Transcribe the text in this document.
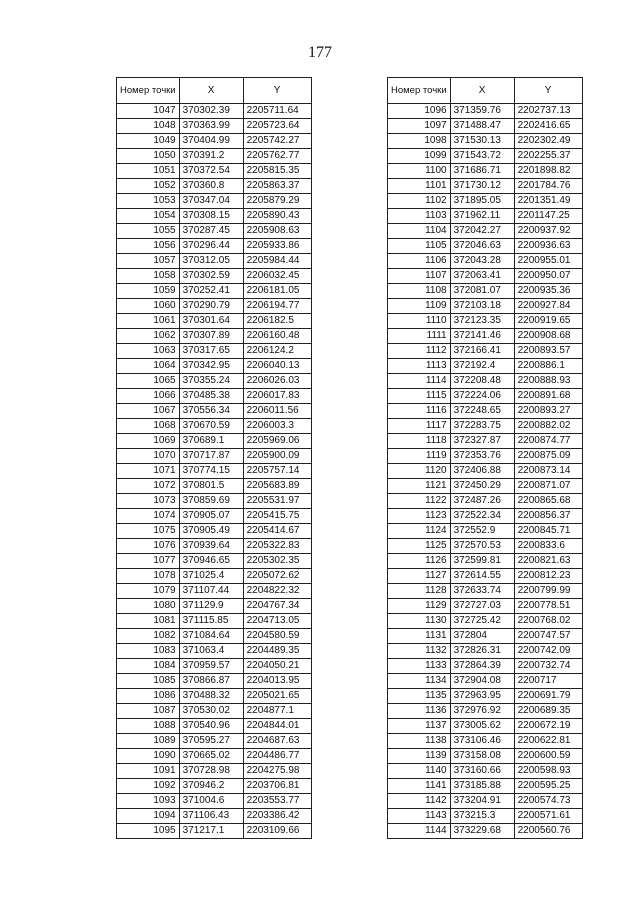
177
Номер точки	X	Y
1047	370302.39	2205711.64
1048	370363.99	2205723.64
1049	370404.99	2205742.27
1050	370391.2	2205762.77
1051	370372.54	2205815.35
1052	370360.8	2205863.37
1053	370347.04	2205879.29
1054	370308.15	2205890.43
1055	370287.45	2205908.63
1056	370296.44	2205933.86
1057	370312.05	2205984.44
1058	370302.59	2206032.45
1059	370252.41	2206181.05
1060	370290.79	2206194.77
1061	370301.64	2206182.5
1062	370307.89	2206160.48
1063	370317.65	2206124.2
1064	370342.95	2206040.13
1065	370355.24	2206026.03
1066	370485.38	2206017.83
1067	370556.34	2206011.56
1068	370670.59	2206003.3
1069	370689.1	2205969.06
1070	370717.87	2205900.09
1071	370774.15	2205757.14
1072	370801.5	2205683.89
1073	370859.69	2205531.97
1074	370905.07	2205415.75
1075	370905.49	2205414.67
1076	370939.64	2205322.83
1077	370946.65	2205302.35
1078	371025.4	2205072.62
1079	371107.44	2204822.32
1080	371129.9	2204767.34
1081	371115.85	2204713.05
1082	371084.64	2204580.59
1083	371063.4	2204489.35
1084	370959.57	2204050.21
1085	370866.87	2204013.95
1086	370488.32	2205021.65
1087	370530.02	2204877.1
1088	370540.96	2204844.01
1089	370595.27	2204687.63
1090	370665.02	2204486.77
1091	370728.98	2204275.98
1092	370946.2	2203706.81
1093	371004.6	2203553.77
1094	371106.43	2203386.42
1095	371217.1	2203109.66
Номер точки	X	Y
1096	371359.76	2202737.13
1097	371488.47	2202416.65
1098	371530.13	2202302.49
1099	371543.72	2202255.37
1100	371686.71	2201898.82
1101	371730.12	2201784.76
1102	371895.05	2201351.49
1103	371962.11	2201147.25
1104	372042.27	2200937.92
1105	372046.63	2200936.63
1106	372043.28	2200955.01
1107	372063.41	2200950.07
1108	372081.07	2200935.36
1109	372103.18	2200927.84
1110	372123.35	2200919.65
1111	372141.46	2200908.68
1112	372166.41	2200893.57
1113	372192.4	2200886.1
1114	372208.48	2200888.93
1115	372224.06	2200891.68
1116	372248.65	2200893.27
1117	372283.75	2200882.02
1118	372327.87	2200874.77
1119	372353.76	2200875.09
1120	372406.88	2200873.14
1121	372450.29	2200871.07
1122	372487.26	2200865.68
1123	372522.34	2200856.37
1124	372552.9	2200845.71
1125	372570.53	2200833.6
1126	372599.81	2200821.63
1127	372614.55	2200812.23
1128	372633.74	2200799.99
1129	372727.03	2200778.51
1130	372725.42	2200768.02
1131	372804	2200747.57
1132	372826.31	2200742.09
1133	372864.39	2200732.74
1134	372904.08	2200717
1135	372963.95	2200691.79
1136	372976.92	2200689.35
1137	373005.62	2200672.19
1138	373106.46	2200622.81
1139	373158.08	2200600.59
1140	373160.66	2200598.93
1141	373185.88	2200595.25
1142	373204.91	2200574.73
1143	373215.3	2200571.61
1144	373229.68	2200560.76
